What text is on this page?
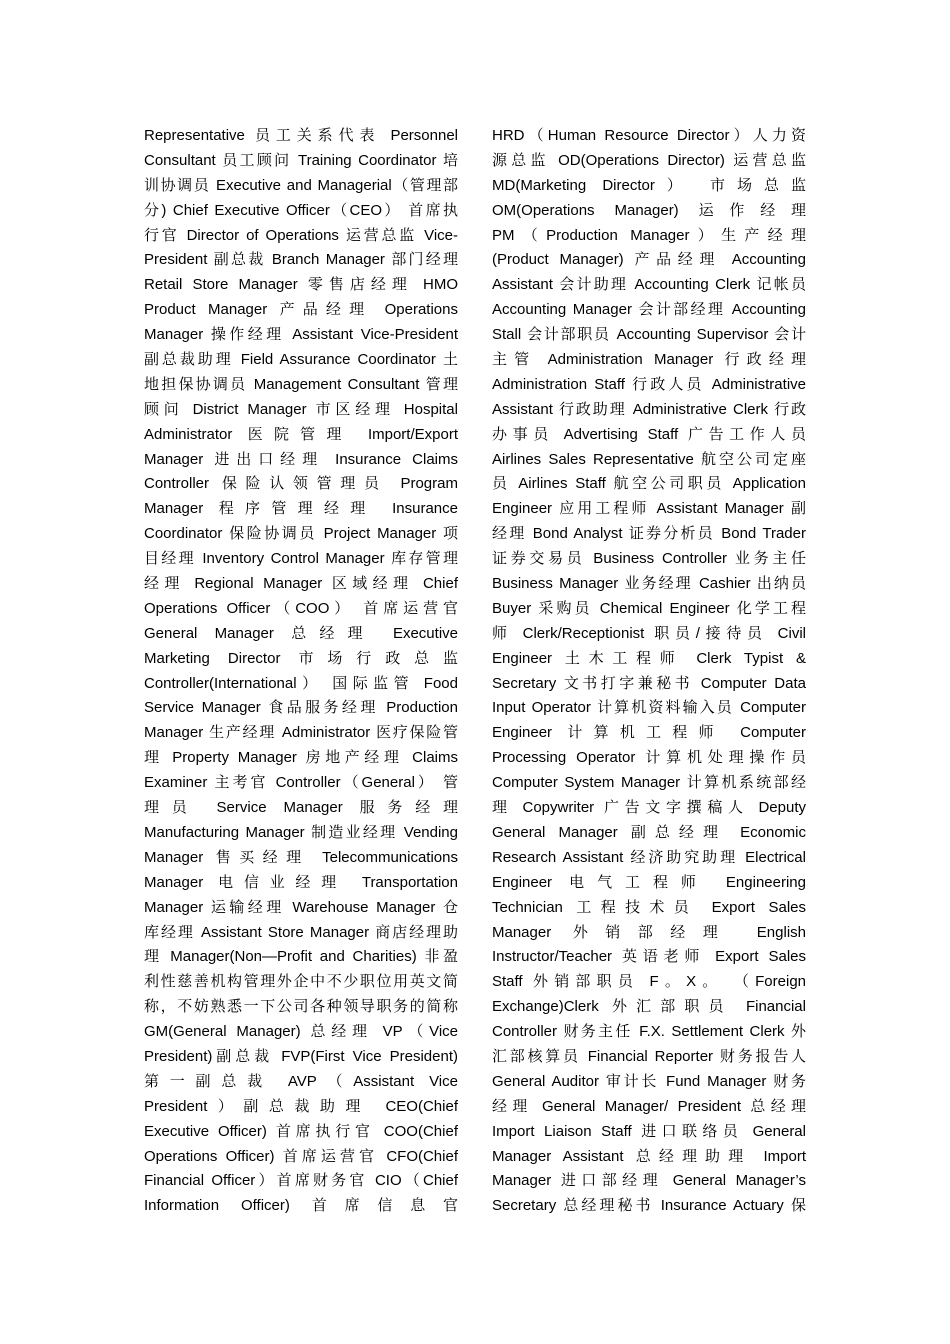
Representative 员工关系代表 Personnel
Consultant 员工顾问 Training Coordinator 培
训协调员 Executive and Managerial（管理部
分) Chief Executive Officer（CEO） 首席执
行官 Director of Operations 运营总监 Vice-
President 副总裁 Branch Manager 部门经理
Retail Store Manager 零售店经理 HMO
Product Manager 产品经理 Operations
Manager 操作经理 Assistant Vice-President
副总裁助理 Field Assurance Coordinator 土
地担保协调员 Management Consultant 管理
顾问 District Manager 市区经理 Hospital
Administrator 医院管理 Import/Export
Manager 进出口经理 Insurance Claims
Controller 保险认领管理员 Program
Manager 程序管理经理 Insurance
Coordinator 保险协调员 Project Manager 项
目经理 Inventory Control Manager 库存管理
经理 Regional Manager 区域经理 Chief
Operations Officer（COO） 首席运营官
General Manager 总经理 Executive
Marketing Director 市场行政总监
Controller(International） 国际监管 Food
Service Manager 食品服务经理 Production
Manager 生产经理 Administrator 医疗保险管
理 Property Manager 房地产经理 Claims
Examiner 主考官 Controller（General） 管
理员 Service Manager 服务经理
Manufacturing Manager 制造业经理 Vending
Manager 售买经理 Telecommunications
Manager 电信业经理 Transportation
Manager 运输经理 Warehouse Manager 仓
库经理 Assistant Store Manager 商店经理助
理 Manager(Non—Profit and Charities) 非盈
利性慈善机构管理外企中不少职位用英文简
称，不妨熟悉一下公司各种领导职务的简称
GM(General Manager) 总经理 VP（Vice
President)副总裁 FVP(First Vice President)
第一副总裁 AVP（Assistant Vice
President）副总裁助理 CEO(Chief
Executive Officer) 首席执行官 COO(Chief
Operations Officer) 首席运营官 CFO(Chief
Financial Officer）首席财务官 CIO（Chief
Information Officer) 首席信息官
HRD（Human Resource Director）人力资
源总监 OD(Operations Director) 运营总监
MD(Marketing Director） 市场总监
OM(Operations Manager) 运作经理
PM（Production Manager）生产经理
(Product Manager) 产品经理 Accounting
Assistant 会计助理 Accounting Clerk 记帐员
Accounting Manager 会计部经理 Accounting
Stall 会计部职员 Accounting Supervisor 会计
主管 Administration Manager 行政经理
Administration Staff 行政人员 Administrative
Assistant 行政助理 Administrative Clerk 行政
办事员 Advertising Staff 广告工作人员
Airlines Sales Representative 航空公司定座
员 Airlines Staff 航空公司职员 Application
Engineer 应用工程师 Assistant Manager 副
经理 Bond Analyst 证券分析员 Bond Trader
证券交易员 Business Controller 业务主任
Business Manager 业务经理 Cashier 出纳员
Buyer 采购员 Chemical Engineer 化学工程
师 Clerk/Receptionist 职员/接待员 Civil
Engineer 土木工程师 Clerk Typist &
Secretary 文书打字兼秘书 Computer Data
Input Operator 计算机资料输入员 Computer
Engineer 计算机工程师 Computer
Processing Operator 计算机处理操作员
Computer System Manager 计算机系统部经
理 Copywriter 广告文字撰稿人 Deputy
General Manager 副总经理 Economic
Research Assistant 经济助究助理 Electrical
Engineer 电气工程师 Engineering
Technician 工程技术员 Export Sales
Manager 外销部经理 English
Instructor/Teacher 英语老师 Export Sales
Staff 外销部职员 F。X。 （Foreign
Exchange)Clerk 外汇部职员 Financial
Controller 财务主任 F.X. Settlement Clerk 外
汇部核算员 Financial Reporter 财务报告人
General Auditor 审计长 Fund Manager 财务
经理 General Manager/ President 总经理
Import Liaison Staff 进口联络员 General
Manager Assistant 总经理助理 Import
Manager 进口部经理 General Manager’s
Secretary 总经理秘书 Insurance Actuary 保
